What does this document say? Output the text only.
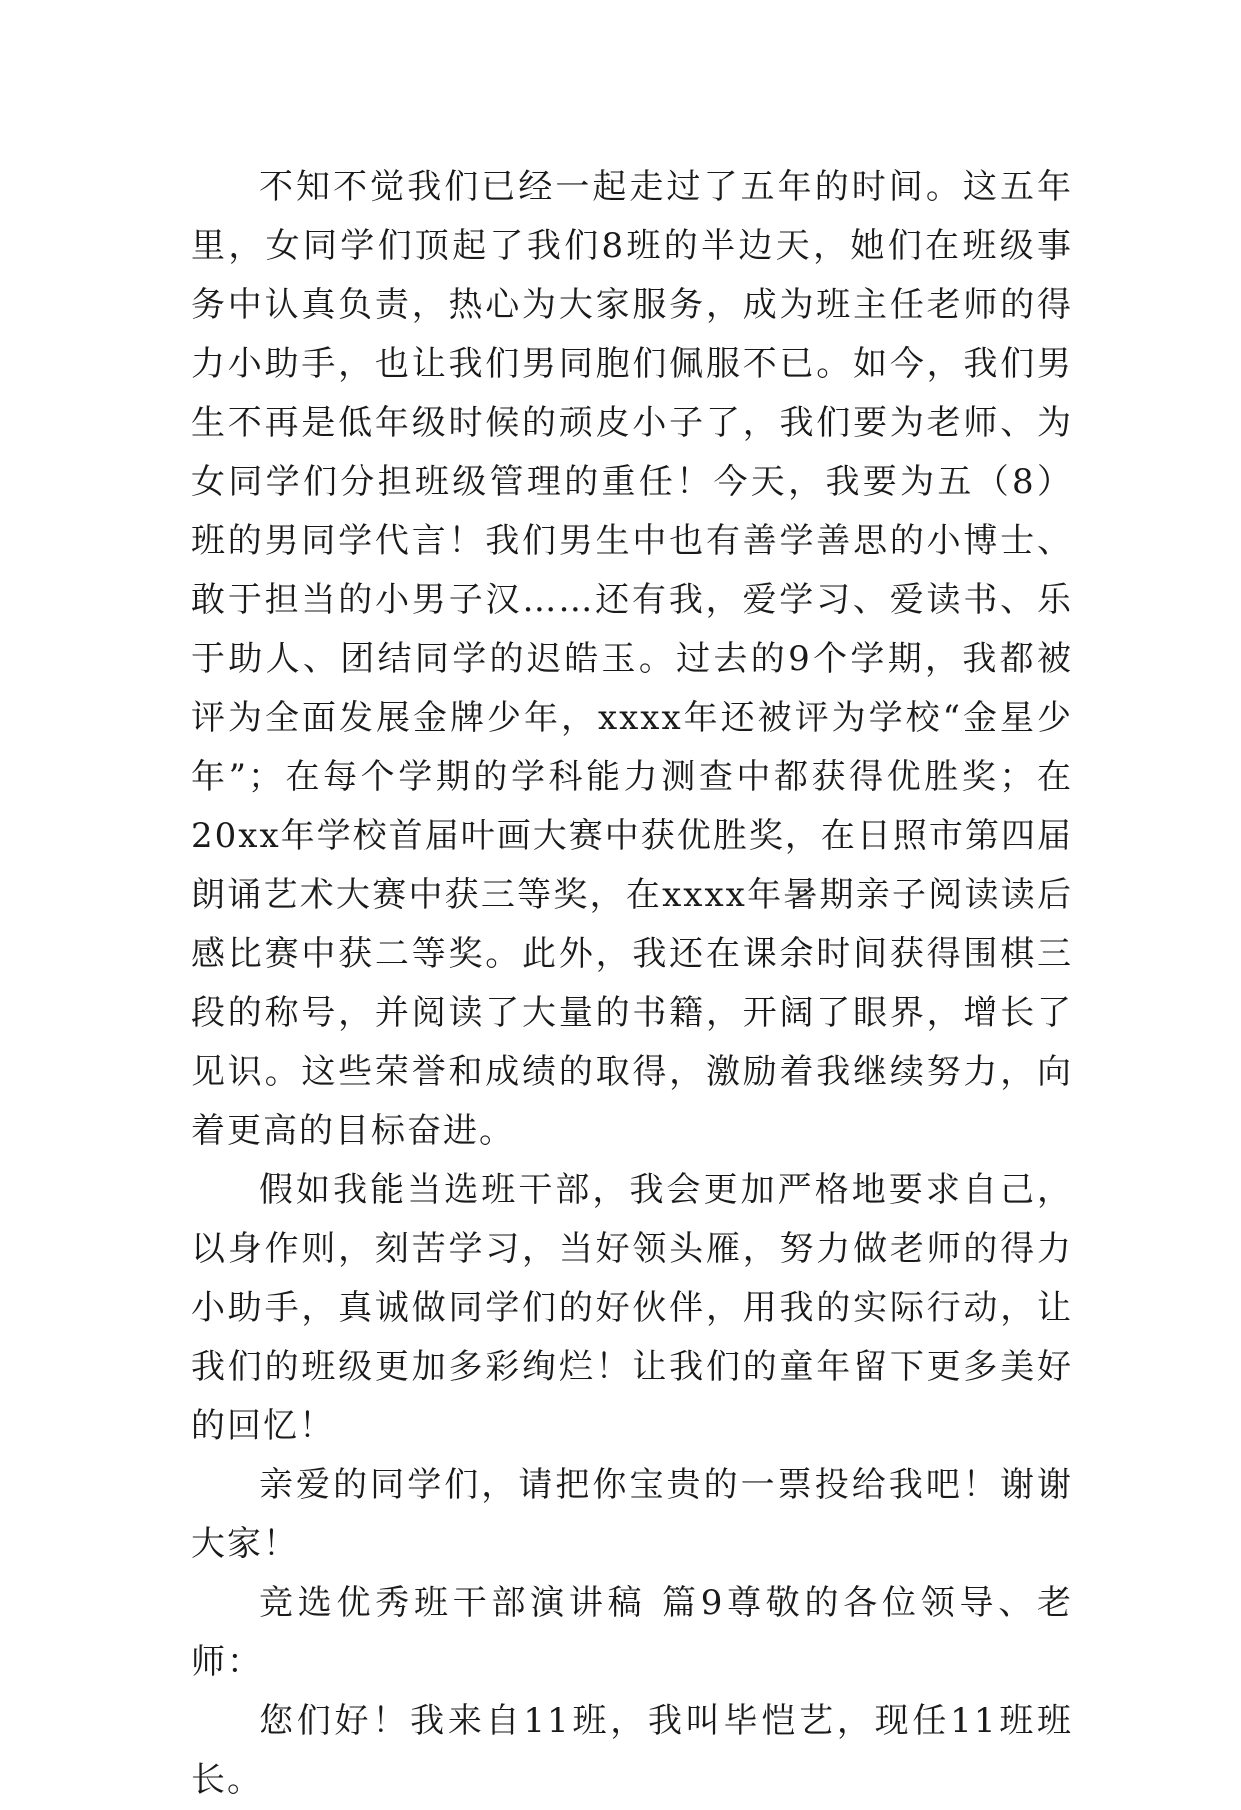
不知不觉我们已经一起走过了五年的时间。这五年里，女同学们顶起了我们8班的半边天，她们在班级事务中认真负责，热心为大家服务，成为班主任老师的得力小助手，也让我们男同胞们佩服不已。如今，我们男生不再是低年级时候的顽皮小子了，我们要为老师、为女同学们分担班级管理的重任！今天，我要为五（8）班的男同学代言！我们男生中也有善学善思的小博士、敢于担当的小男子汉……还有我，爱学习、爱读书、乐于助人、团结同学的迟皓玉。过去的9个学期，我都被评为全面发展金牌少年，xxxx年还被评为学校“金星少年”；在每个学期的学科能力测查中都获得优胜奖；在20xx年学校首届叶画大赛中获优胜奖，在日照市第四届朗诵艺术大赛中获三等奖，在xxxx年暑期亲子阅读读后感比赛中获二等奖。此外，我还在课余时间获得围棋三段的称号，并阅读了大量的书籍，开阔了眼界，增长了见识。这些荣誉和成绩的取得，激励着我继续努力，向着更高的目标奋进。

假如我能当选班干部，我会更加严格地要求自己，以身作则，刻苦学习，当好领头雁，努力做老师的得力小助手，真诚做同学们的好伙伴，用我的实际行动，让我们的班级更加多彩绚烂！让我们的童年留下更多美好的回忆！

亲爱的同学们，请把你宝贵的一票投给我吧！谢谢大家！

竞选优秀班干部演讲稿 篇9尊敬的各位领导、老师：

您们好！我来自11班，我叫毕恺艺，现任11班班长。
